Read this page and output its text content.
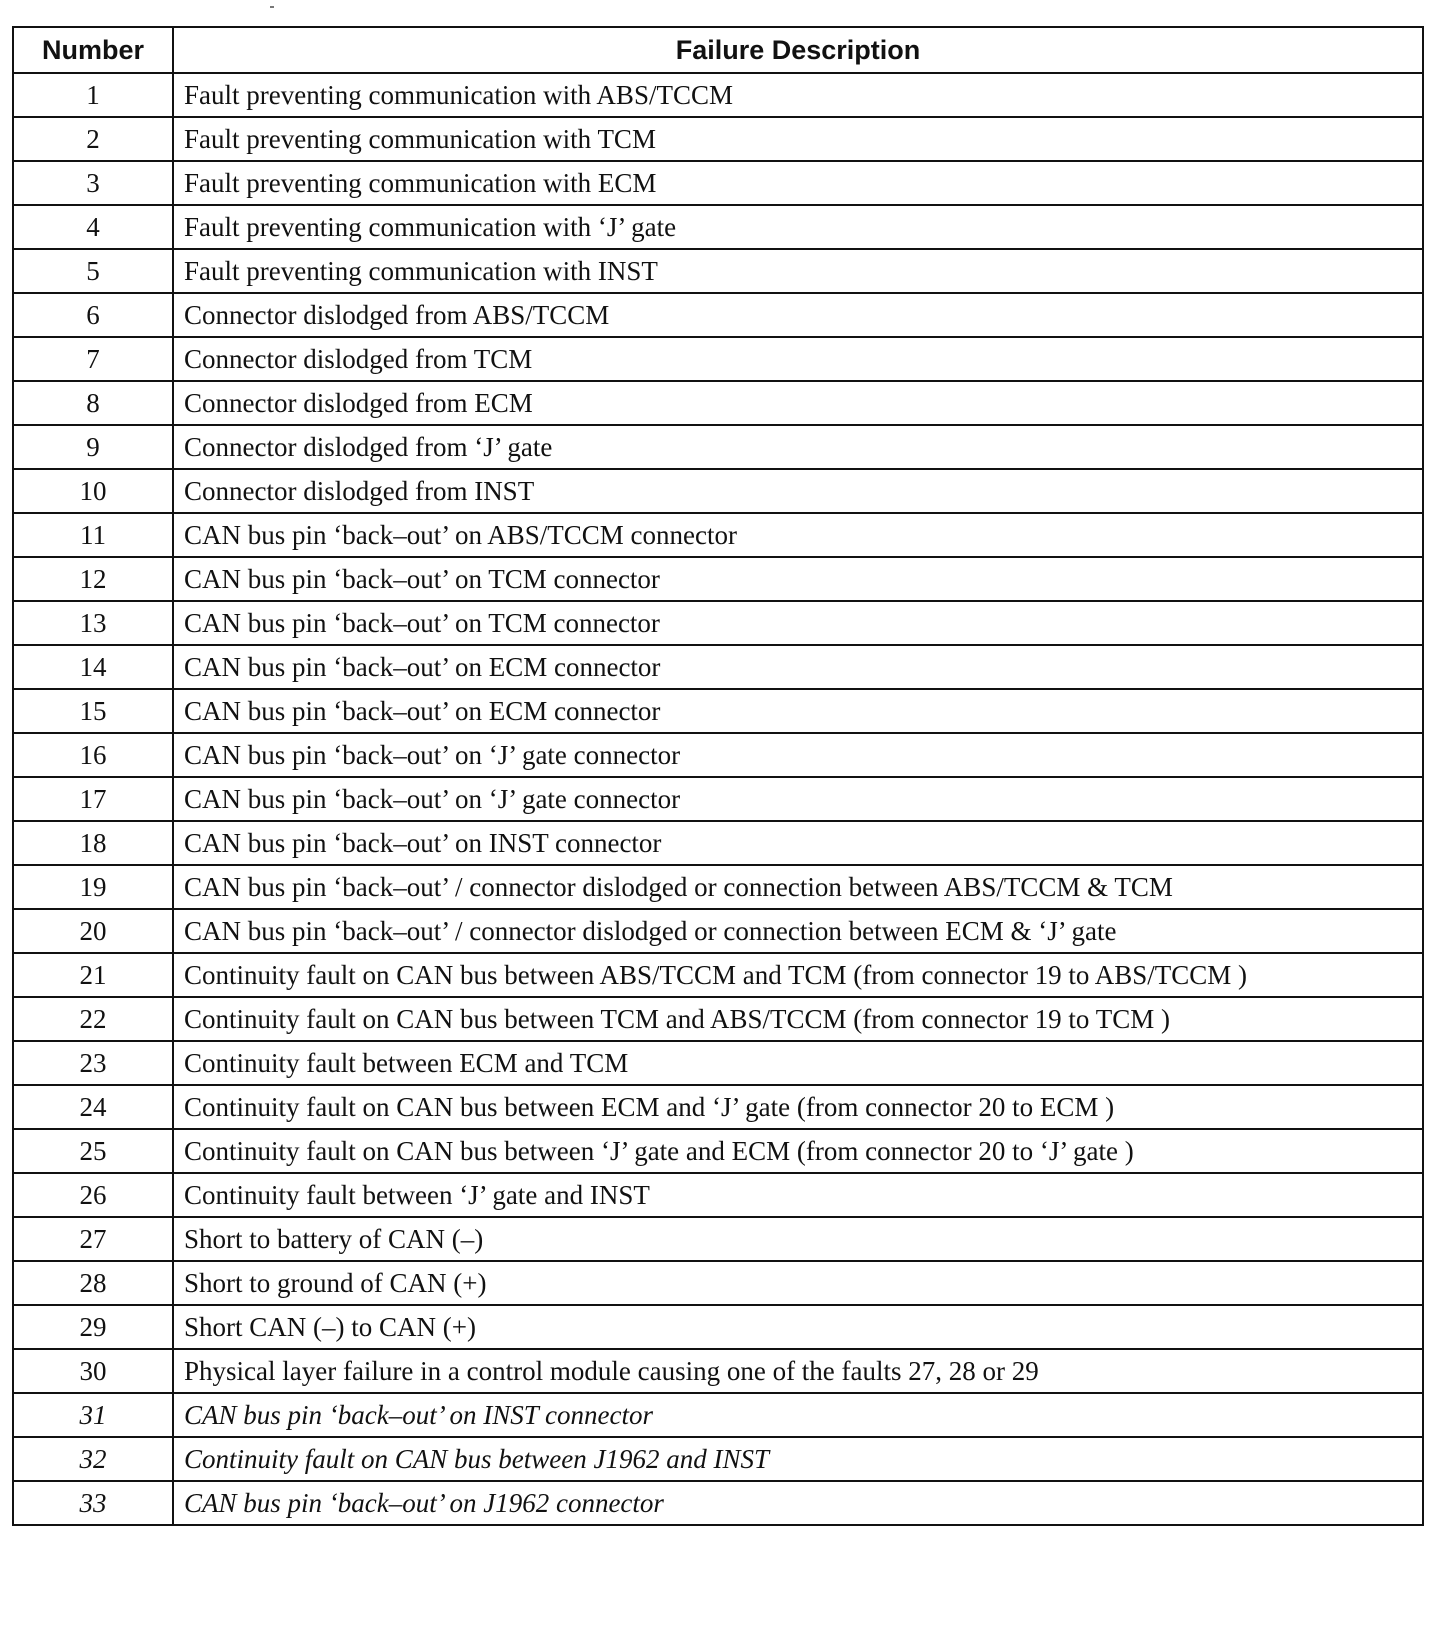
Number	Failure Description
1	Fault preventing communication with ABS/TCCM
2	Fault preventing communication with TCM
3	Fault preventing communication with ECM
4	Fault preventing communication with ‘J’ gate
5	Fault preventing communication with INST
6	Connector dislodged from ABS/TCCM
7	Connector dislodged from TCM
8	Connector dislodged from ECM
9	Connector dislodged from ‘J’ gate
10	Connector dislodged from INST
11	CAN bus pin ‘back–out’ on ABS/TCCM connector
12	CAN bus pin ‘back–out’ on TCM connector
13	CAN bus pin ‘back–out’ on TCM connector
14	CAN bus pin ‘back–out’ on ECM connector
15	CAN bus pin ‘back–out’ on ECM connector
16	CAN bus pin ‘back–out’ on ‘J’ gate connector
17	CAN bus pin ‘back–out’ on ‘J’ gate connector
18	CAN bus pin ‘back–out’ on INST connector
19	CAN bus pin ‘back–out’ / connector dislodged or connection between ABS/TCCM & TCM
20	CAN bus pin ‘back–out’ / connector dislodged or connection between ECM & ‘J’ gate
21	Continuity fault on CAN bus between ABS/TCCM and TCM (from connector 19 to ABS/TCCM )
22	Continuity fault on CAN bus between TCM and ABS/TCCM (from connector 19 to TCM )
23	Continuity fault between ECM and TCM
24	Continuity fault on CAN bus between ECM and ‘J’ gate (from connector 20 to ECM )
25	Continuity fault on CAN bus between ‘J’ gate and ECM (from connector 20 to ‘J’ gate )
26	Continuity fault between ‘J’ gate and INST
27	Short to battery of CAN (–)
28	Short to ground of CAN (+)
29	Short CAN (–) to CAN (+)
30	Physical layer failure in a control module causing one of the faults 27, 28 or 29
31	CAN bus pin ‘back–out’ on INST connector
32	Continuity fault on CAN bus between J1962 and INST
33	CAN bus pin ‘back–out’ on J1962 connector
